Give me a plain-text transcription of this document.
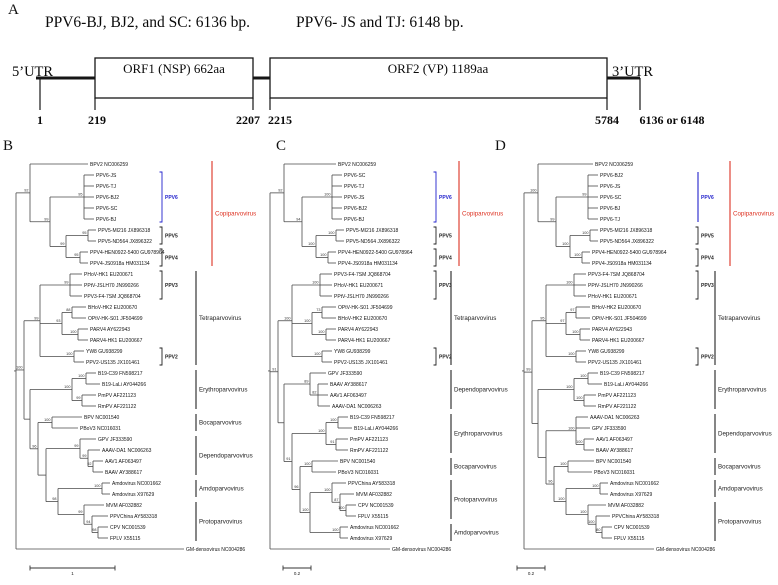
A
PPV6-BJ, BJ2, and SC: 6136 bp.	PPV6- JS and TJ: 6148 bp.
5’UTR	3’UTR
ORF1 (NSP) 662aa	ORF2 (VP) 1189aa
1	219	2207 2215	5784 6136 or 6148
B	C	D
BPV2 NC006259
PPV6-JS
PPV6-TJ
PPV6-BJ2
PPV6-SC
PPV6-BJ
95
PPV5-MI216 JX896318
PPV5-ND564 JX896322
95
PPV4-HEN0922-5400 GU978964
PPV4-JS0918a HM031134
95
99
99
92
PHoV-HK1 EU200671
PPtV-JSLH70 JN990266
PPV3-F4-7SM JQ868704
99
BHoV-HK2 EU200670
OPtV-HK-S01 JF504699
88
PARV4 AY622943
PARV4-HK1 EU200667
100
93
YW8 GU938299
PPV2-US135 JX101461
100
99
B19-C39 FN598217
B19-LaLi AY044266
100
PmPV AF221123
RmPV AF221122
99
100
BPV NC001540
PBoV3 NC016031
100
GPV JF333590
AAAV-DA1 NC006263
AAV1 AF063497
BAAV AY388617
92
99
99
Amdovirus NC001662
Amdovirus X97629
100
MVM AF032882
PPVChina AY583318
CPV NC001539
FPLV X55115
98
94
99
98
96
100
GM-densovirus NC004286
PPV6
PPV5
PPV4
PPV3
PPV2
Copiparvovirus
Tetraparvovirus
Erythroparvovirus
Bocaparvovirus
Dependoparvovirus
Amdoparvovirus
Protoparvovirus
1
BPV2 NC006259
PPV6-SC
PPV6-TJ
PPV6-JS
PPV6-BJ2
PPV6-BJ
100
PPV5-MI216 JX896318
PPV5-ND564 JX896322
100
PPV4-HEN0922-5400 GU978964
PPV4-JS0918a HM031134
100
100
94
92
PPV3-F4-7SM JQ868704
PHoV-HK1 EU200671
PPtV-JSLH70 JN990266
100
OPtV-HK-S01 JF504699
BHoV-HK2 EU200670
73
PARV4 AY622943
PARV4-HK1 EU200667
100
100
YW8 GU938299
PPV2-US135 JX101461
100
100
GPV JF333590
BAAV AY388617
AAV1 AF063497
AAAV-DA1 NC006263
82
89
B19-C39 FN598217
B19-LaLi AY044266
100
PmPV AF221123
RmPV AF221122
91
100
BPV NC001540
PBoV3 NC016031
100
PPVChina AY583318
MVM AF032882
CPV NC001539
FPLV X55115
100
87
100
Amdovirus NC001662
Amdovirus X97629
100
100
96
91
91
GM-densovirus NC004286
PPV6
PPV5
PPV4
PPV3
PPV2
Copiparvovirus
Tetraparvovirus
Dependoparvovirus
Erythroparvovirus
Bocaparvovirus
Protoparvovirus
Amdoparvovirus
0.2
BPV2 NC006259
PPV6-BJ2
PPV6-JS
PPV6-SC
PPV6-BJ
PPV6-TJ
99
PPV5-MI216 JX896318
PPV5-ND564 JX896322
100
PPV4-HEN0922-5400 GU978964
PPV4-JS0918a HM031134
100
100
99
100
PPV3-F4-7SM JQ868704
PPtV-JSLH70 JN990266
PHoV-HK1 EU200671
100
BHoV-HK2 EU200670
OPtV-HK-S01 JF504699
97
PARV4 AY622943
PARV4-HK1 EU200667
100
97
YW8 GU938299
PPV2-US135 JX101461
100
95
B19-C39 FN598217
B19-LaLi AY044266
100
PmPV AF221123
RmPV AF221122
100
100
AAAV-DA1 NC006263
GPV JF333590
AAV1 AF063497
BAAV AY388617
100
100
BPV NC001540
PBoV3 NC016031
100
Amdovirus NC001662
Amdovirus X97629
100
MVM AF032882
PPVChina AY583318
CPV NC001539
FPLV X55115
80
100
100
100
96
99
GM-densovirus NC004286
PPV6
PPV5
PPV4
PPV3
PPV2
Copiparvovirus
Tetraparvovirus
Erythroparvovirus
Dependoparvovirus
Bocaparvovirus
Amdoparvovirus
Protoparvovirus
0.2
